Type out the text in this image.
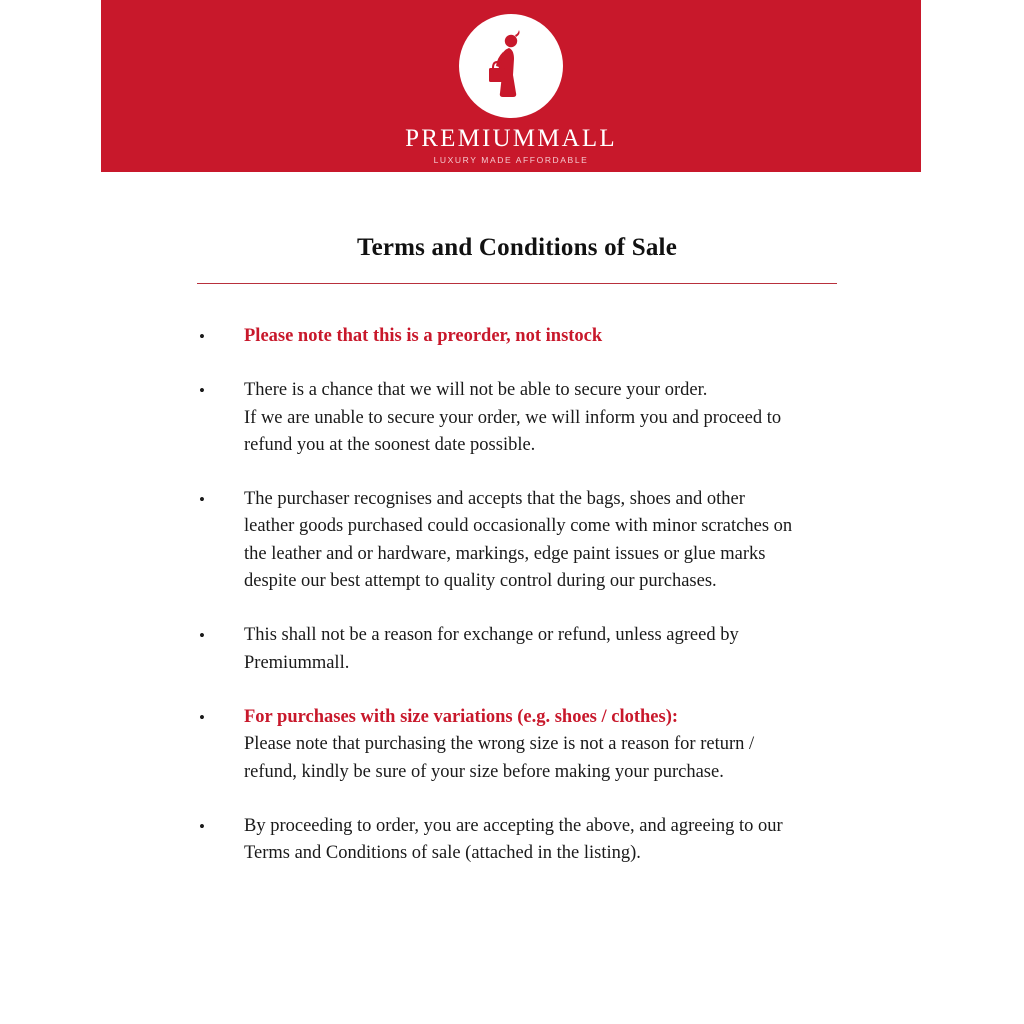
PREMIUMMALL
LUXURY MADE AFFORDABLE
Terms and Conditions of Sale
• Please note that this is a preorder, not instock
• There is a chance that we will not be able to secure your order.
If we are unable to secure your order, we will inform you and proceed to
refund you at the soonest date possible.
• The purchaser recognises and accepts that the bags, shoes and other
leather goods purchased could occasionally come with minor scratches on
the leather and or hardware, markings, edge paint issues or glue marks
despite our best attempt to quality control during our purchases.
• This shall not be a reason for exchange or refund, unless agreed by
Premiummall.
• For purchases with size variations (e.g. shoes / clothes):
Please note that purchasing the wrong size is not a reason for return /
refund, kindly be sure of your size before making your purchase.
• By proceeding to order, you are accepting the above, and agreeing to our
Terms and Conditions of sale (attached in the listing).
